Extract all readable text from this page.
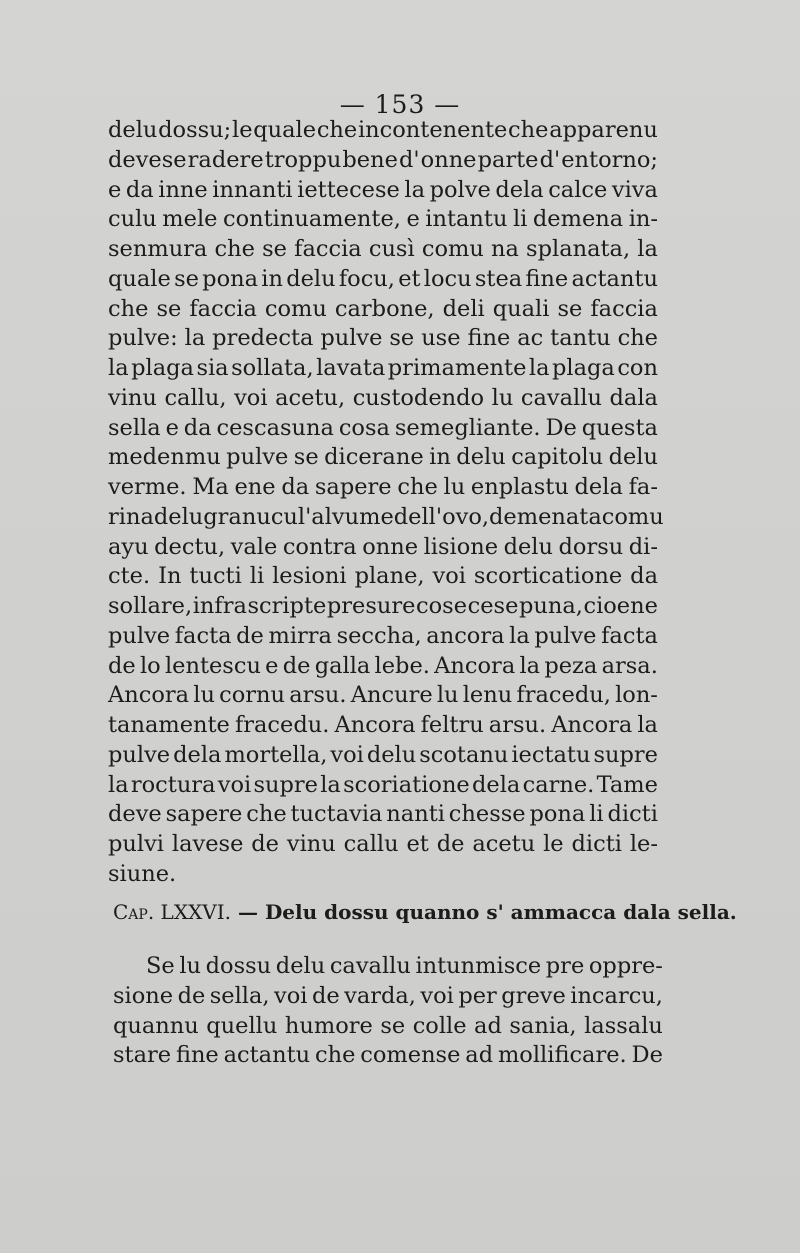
— 153 —
delu dossu; le quale che incontenente che apparenu
devese radere troppu bene d' onne parte d' entorno;
e da inne innanti iettecese la polve dela calce viva
culu mele continuamente, e intantu li demena in-
senmura che se faccia cusì comu na splanata, la
quale se pona in delu focu, et locu stea fine actantu
che se faccia comu carbone, deli quali se faccia
pulve: la predecta pulve se use fine ac tantu che
la plaga sia sollata, lavata primamente la plaga con
vinu callu, voi acetu, custodendo lu cavallu dala
sella e da cescasuna cosa semegliante. De questa
medenmu pulve se dicerane in delu capitolu delu
verme. Ma ene da sapere che lu enplastu dela fa-
rina delu granu cul'alvume dell' ovo, demenata comu
ayu dectu, vale contra onne lisione delu dorsu di-
cte. In tucti li lesioni plane, voi scorticatione da
sollare, infra scripte presure cose cese puna, cioene
pulve facta de mirra seccha, ancora la pulve facta
de lo lentescu e de galla lebe. Ancora la peza arsa.
Ancora lu cornu arsu. Ancure lu lenu fracedu, lon-
tanamente fracedu. Ancora feltru arsu. Ancora la
pulve dela mortella, voi delu scotanu iectatu supre
la roctura voi supre la scoriatione dela carne. Tame
deve sapere che tuctavia nanti chesse pona li dicti
pulvi lavese de vinu callu et de acetu le dicti le-
siune.
Cap. LXXVI. — Delu dossu quanno s' ammacca dala sella.
Se lu dossu delu cavallu intunmisce pre oppre-
sione de sella, voi de varda, voi per greve incarcu,
quannu quellu humore se colle ad sania, lassalu
stare fine actantu che comense ad mollificare. De
